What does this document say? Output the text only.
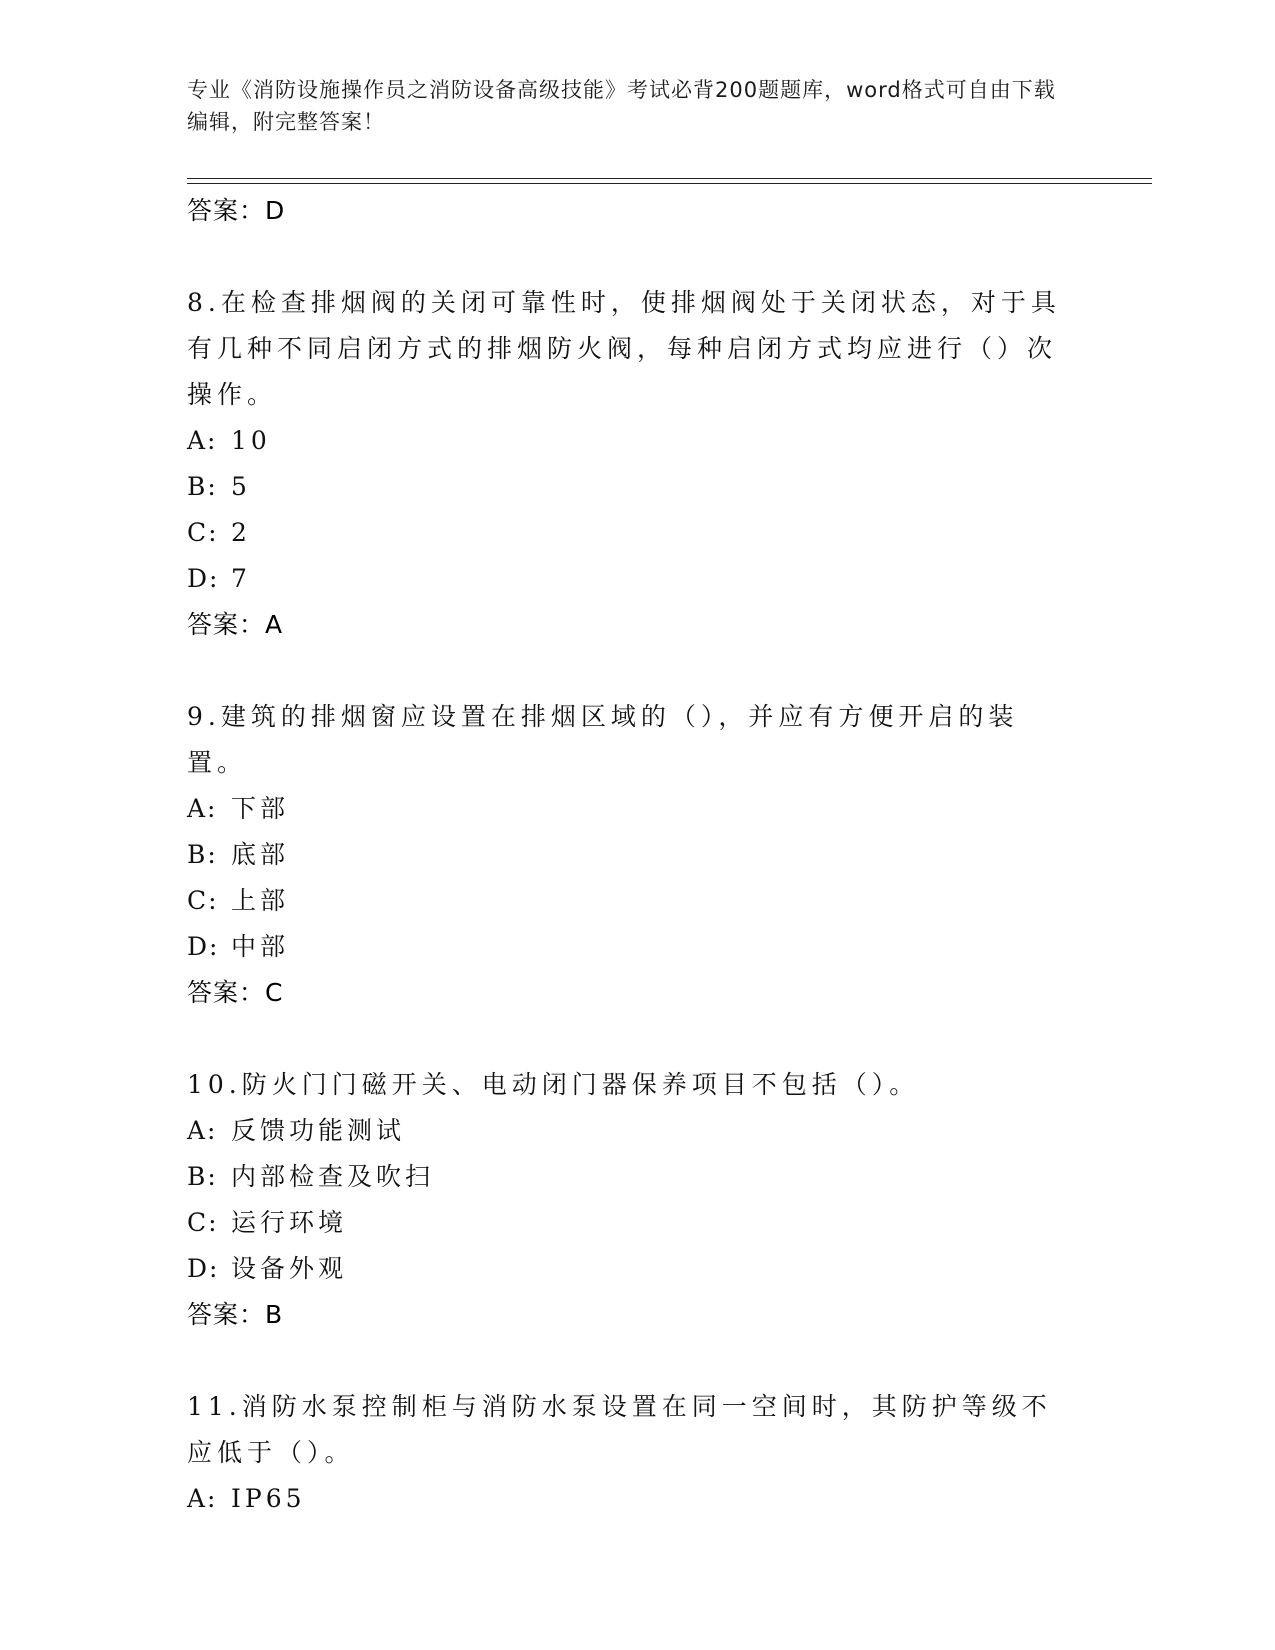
专业《消防设施操作员之消防设备高级技能》考试必背200题题库，word格式可自由下载编辑，附完整答案！
答案：D

8.在检查排烟阀的关闭可靠性时，使排烟阀处于关闭状态，对于具有几种不同启闭方式的排烟防火阀，每种启闭方式均应进行（）次操作。

A: 10
B: 5
C: 2
D: 7
答案：A

9.建筑的排烟窗应设置在排烟区域的（），并应有方便开启的装置。

A: 下部
B: 底部
C: 上部
D: 中部
答案：C

10.防火门门磁开关、电动闭门器保养项目不包括（）。

A: 反馈功能测试
B: 内部检查及吹扫
C: 运行环境
D: 设备外观
答案：B

11.消防水泵控制柜与消防水泵设置在同一空间时，其防护等级不应低于（）。

A: IP65
